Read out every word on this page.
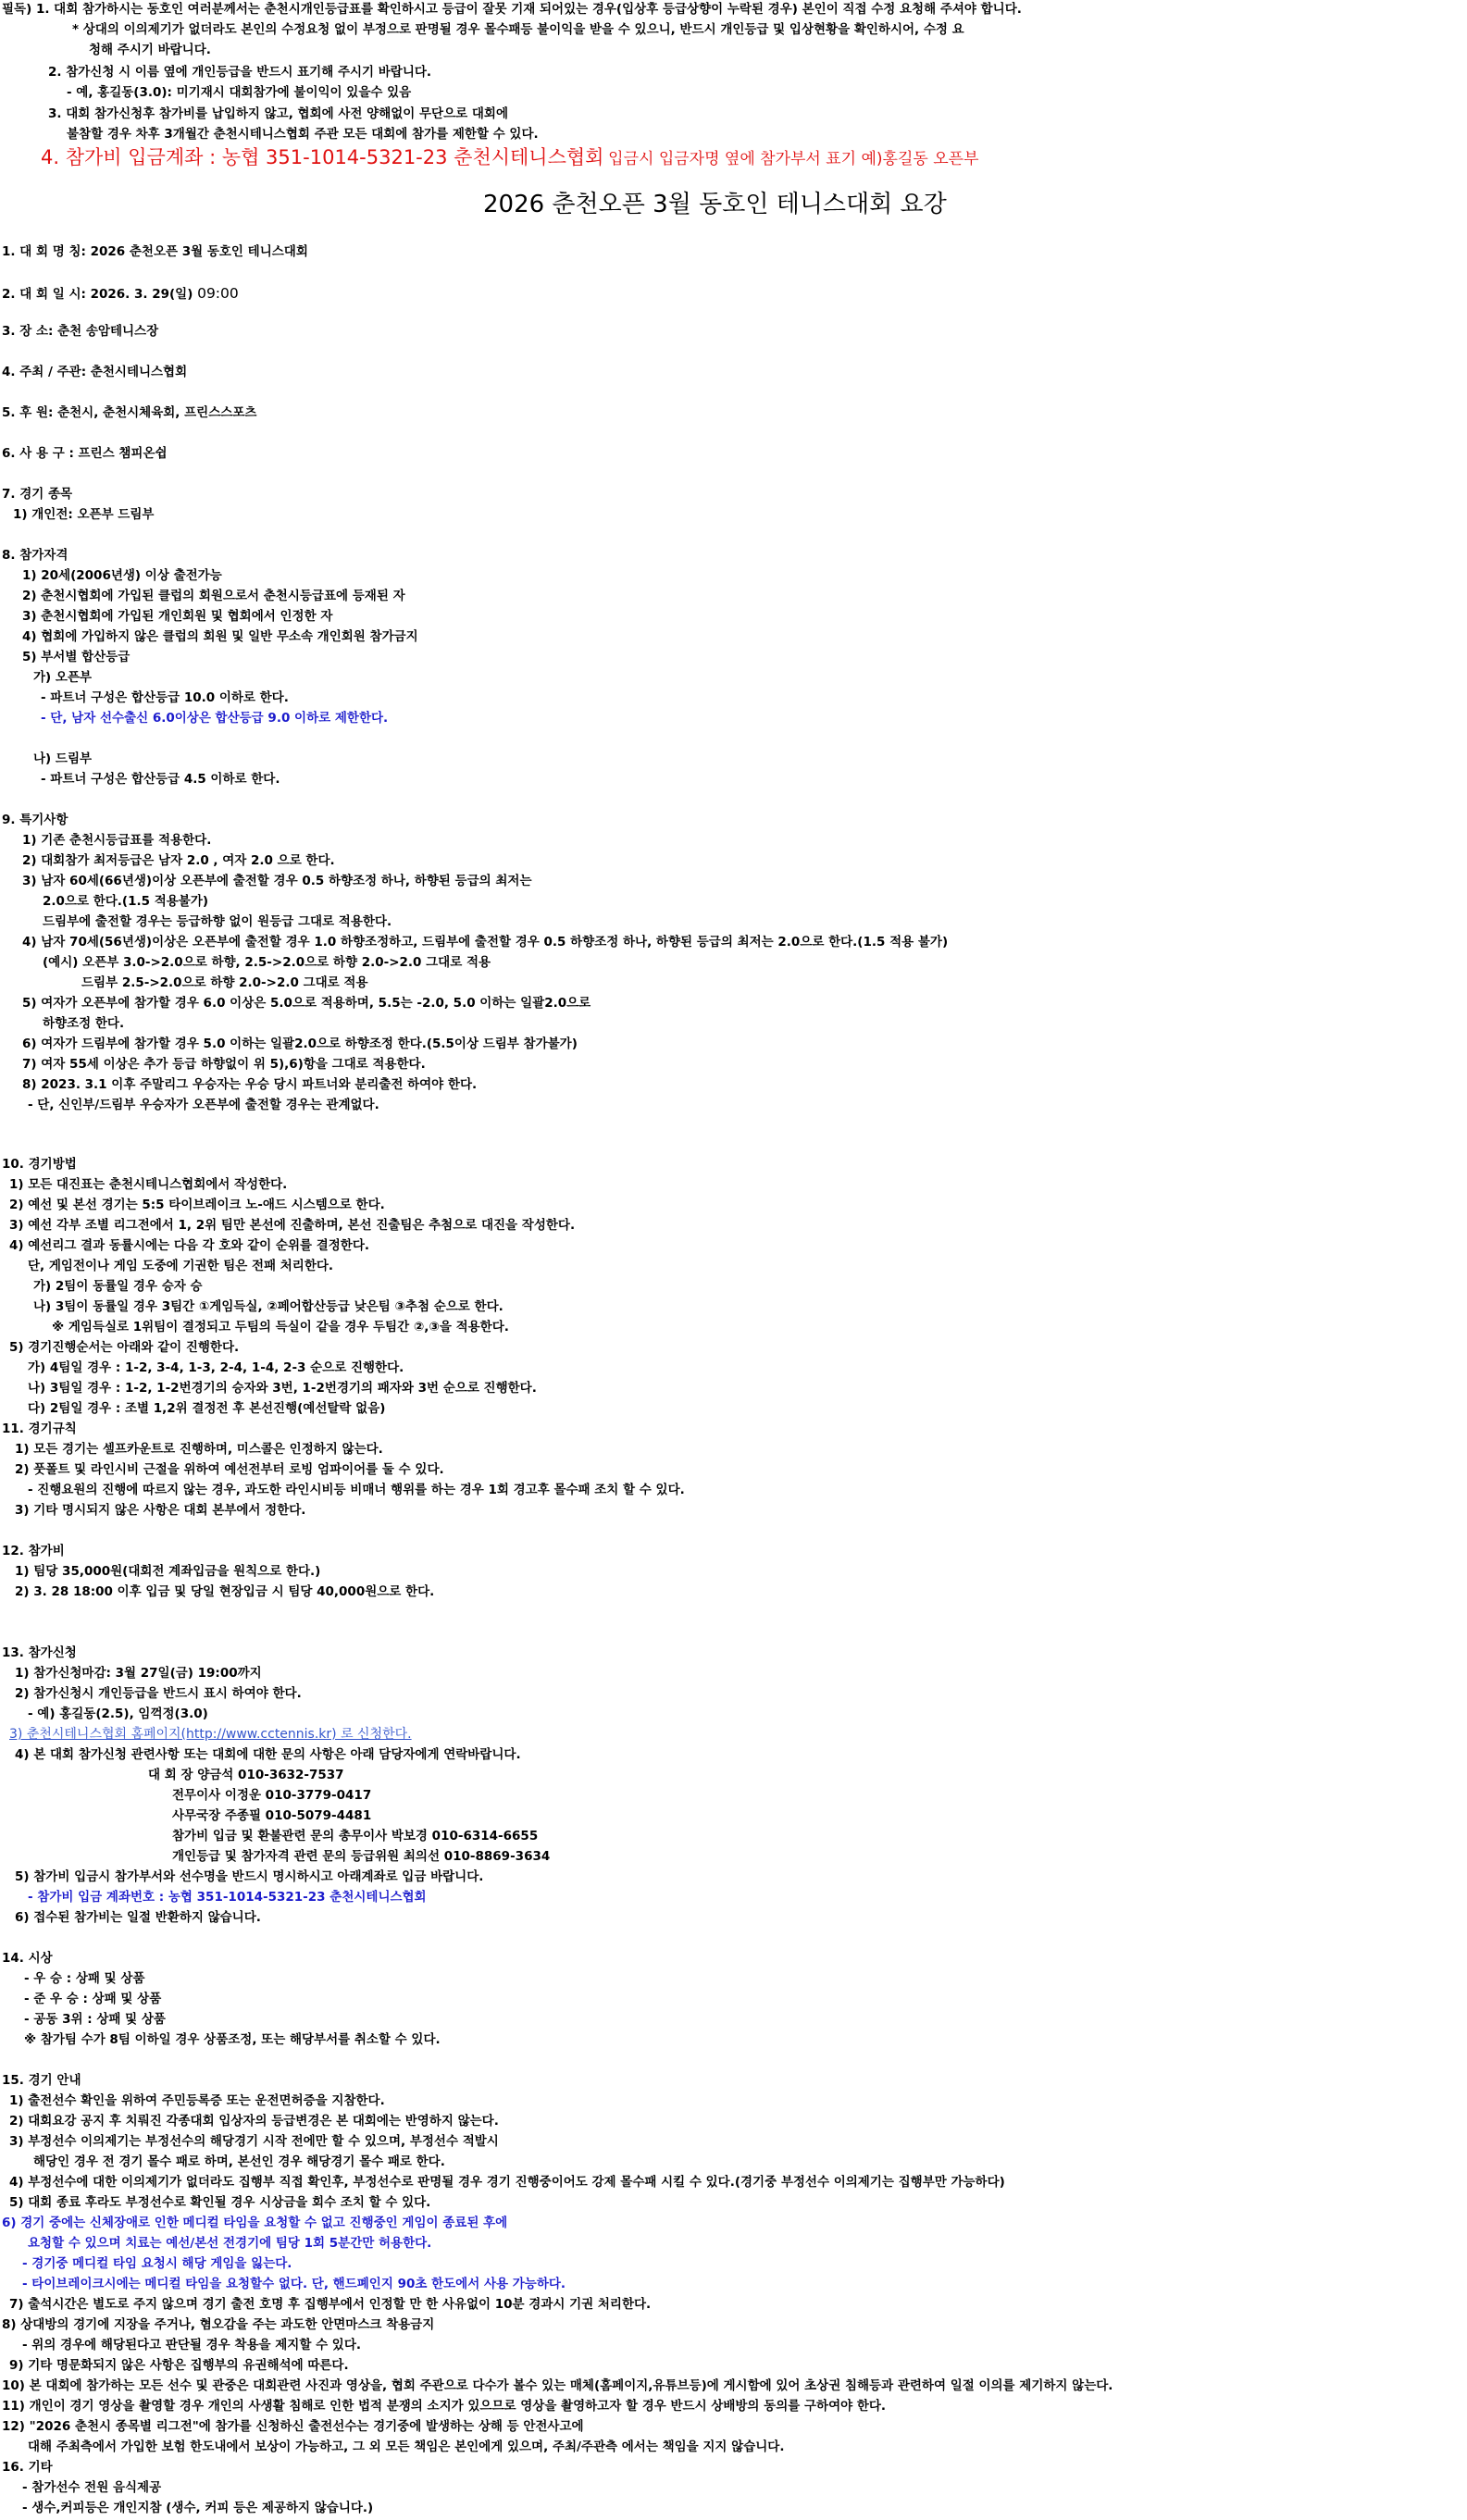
필독) 1. 대회 참가하시는 동호인 여러분께서는 춘천시개인등급표를 확인하시고 등급이 잘못 기재 되어있는 경우(입상후 등급상향이 누락된 경우) 본인이 직접 수정 요청해 주셔야 합니다.
* 상대의 이의제기가 없더라도 본인의 수정요청 없이 부정으로 판명될 경우 몰수패등 불이익을 받을 수 있으니, 반드시 개인등급 및 입상현황을 확인하시어, 수정 요
청해 주시기 바랍니다.
2. 참가신청 시 이름 옆에 개인등급을 반드시 표기해 주시기 바랍니다.
- 예, 홍길동(3.0): 미기재시 대회참가에 불이익이 있을수 있음
3. 대회 참가신청후 참가비를 납입하지 않고, 협회에 사전 양해없이 무단으로 대회에
불참할 경우 차후 3개월간 춘천시테니스협회 주관 모든 대회에 참가를 제한할 수 있다.
4. 참가비 입금계좌 : 농협 351-1014-5321-23 춘천시테니스협회 입금시 입금자명 옆에 참가부서 표기 예)홍길동 오픈부
2026 춘천오픈 3월 동호인 테니스대회 요강
1. 대 회 명 칭: 2026 춘천오픈 3월 동호인 테니스대회
2. 대 회 일 시: 2026. 3. 29(일) 09:00
3. 장 소: 춘천 송암테니스장
4. 주최 / 주관: 춘천시테니스협회
5. 후 원: 춘천시, 춘천시체육회, 프린스스포츠
6. 사 용 구 : 프린스 챔피온쉽
7. 경기 종목
1) 개인전: 오픈부 드림부
8. 참가자격
1) 20세(2006년생) 이상 출전가능
2) 춘천시협회에 가입된 클럽의 회원으로서 춘천시등급표에 등재된 자
3) 춘천시협회에 가입된 개인회원 및 협회에서 인정한 자
4) 협회에 가입하지 않은 클럽의 회원 및 일반 무소속 개인회원 참가금지
5) 부서별 합산등급
가) 오픈부
- 파트너 구성은 합산등급 10.0 이하로 한다.
- 단, 남자 선수출신 6.0이상은 합산등급 9.0 이하로 제한한다.
나) 드림부
- 파트너 구성은 합산등급 4.5 이하로 한다.
9. 특기사항
1) 기존 춘천시등급표를 적용한다.
2) 대회참가 최저등급은 남자 2.0 , 여자 2.0 으로 한다.
3) 남자 60세(66년생)이상 오픈부에 출전할 경우 0.5 하향조정 하나, 하향된 등급의 최저는
2.0으로 한다.(1.5 적용불가)
드림부에 출전할 경우는 등급하향 없이 원등급 그대로 적용한다.
4) 남자 70세(56년생)이상은 오픈부에 출전할 경우 1.0 하향조정하고, 드림부에 출전할 경우 0.5 하향조정 하나, 하향된 등급의 최저는 2.0으로 한다.(1.5 적용 불가)
(예시) 오픈부 3.0->2.0으로 하향, 2.5->2.0으로 하향 2.0->2.0 그대로 적용
드림부 2.5->2.0으로 하향 2.0->2.0 그대로 적용
5) 여자가 오픈부에 참가할 경우 6.0 이상은 5.0으로 적용하며, 5.5는 -2.0, 5.0 이하는 일괄2.0으로
하향조정 한다.
6) 여자가 드림부에 참가할 경우 5.0 이하는 일괄2.0으로 하향조정 한다.(5.5이상 드림부 참가불가)
7) 여자 55세 이상은 추가 등급 하향없이 위 5),6)항을 그대로 적용한다.
8) 2023. 3.1 이후 주말리그 우승자는 우승 당시 파트너와 분리출전 하여야 한다.
- 단, 신인부/드림부 우승자가 오픈부에 출전할 경우는 관계없다.
10. 경기방법
1) 모든 대진표는 춘천시테니스협회에서 작성한다.
2) 예선 및 본선 경기는 5:5 타이브레이크 노-애드 시스템으로 한다.
3) 예선 각부 조별 리그전에서 1, 2위 팀만 본선에 진출하며, 본선 진출팀은 추첨으로 대진을 작성한다.
4) 예선리그 결과 동률시에는 다음 각 호와 같이 순위를 결정한다.
단, 게임전이나 게임 도중에 기권한 팀은 전패 처리한다.
가) 2팀이 동률일 경우 승자 승
나) 3팀이 동률일 경우 3팀간 ①게임득실, ②페어합산등급 낮은팀 ③추첨 순으로 한다.
※ 게임득실로 1위팀이 결정되고 두팀의 득실이 같을 경우 두팀간 ②,③을 적용한다.
5) 경기진행순서는 아래와 같이 진행한다.
가) 4팀일 경우 : 1-2, 3-4, 1-3, 2-4, 1-4, 2-3 순으로 진행한다.
나) 3팀일 경우 : 1-2, 1-2번경기의 승자와 3번, 1-2번경기의 패자와 3번 순으로 진행한다.
다) 2팀일 경우 : 조별 1,2위 결정전 후 본선진행(예선탈락 없음)
11. 경기규칙
1) 모든 경기는 셀프카운트로 진행하며, 미스콜은 인정하지 않는다.
2) 풋폴트 및 라인시비 근절을 위하여 예선전부터 로빙 엄파이어를 둘 수 있다.
- 진행요원의 진행에 따르지 않는 경우, 과도한 라인시비등 비매너 행위를 하는 경우 1회 경고후 몰수패 조치 할 수 있다.
3) 기타 명시되지 않은 사항은 대회 본부에서 정한다.
12. 참가비
1) 팀당 35,000원(대회전 계좌입금을 원칙으로 한다.)
2) 3. 28 18:00 이후 입금 및 당일 현장입금 시 팀당 40,000원으로 한다.
13. 참가신청
1) 참가신청마감: 3월 27일(금) 19:00까지
2) 참가신청시 개인등급을 반드시 표시 하여야 한다.
- 예) 홍길동(2.5), 임꺽정(3.0)
3) 춘천시테니스협회 홈페이지(http://www.cctennis.kr) 로 신청한다.
4) 본 대회 참가신청 관련사항 또는 대회에 대한 문의 사항은 아래 담당자에게 연락바랍니다.
대 회 장 양금석 010-3632-7537
전무이사 이정운 010-3779-0417
사무국장 주종필 010-5079-4481
참가비 입금 및 환불관련 문의 총무이사 박보경 010-6314-6655
개인등급 및 참가자격 관련 문의 등급위원 최의선 010-8869-3634
5) 참가비 입금시 참가부서와 선수명을 반드시 명시하시고 아래계좌로 입금 바랍니다.
- 참가비 입금 계좌번호 : 농협 351-1014-5321-23 춘천시테니스협회
6) 접수된 참가비는 일절 반환하지 않습니다.
14. 시상
- 우 승 : 상패 및 상품
- 준 우 승 : 상패 및 상품
- 공동 3위 : 상패 및 상품
※ 참가팀 수가 8팀 이하일 경우 상품조정, 또는 해당부서를 취소할 수 있다.
15. 경기 안내
1) 출전선수 확인을 위하여 주민등록증 또는 운전면허증을 지참한다.
2) 대회요강 공지 후 치뤄진 각종대회 입상자의 등급변경은 본 대회에는 반영하지 않는다.
3) 부정선수 이의제기는 부정선수의 해당경기 시작 전에만 할 수 있으며, 부정선수 적발시
해당인 경우 전 경기 몰수 패로 하며, 본선인 경우 해당경기 몰수 패로 한다.
4) 부정선수에 대한 이의제기가 없더라도 집행부 직접 확인후, 부정선수로 판명될 경우 경기 진행중이어도 강제 몰수패 시킬 수 있다.(경기중 부정선수 이의제기는 집행부만 가능하다)
5) 대회 종료 후라도 부정선수로 확인될 경우 시상금을 회수 조치 할 수 있다.
6) 경기 중에는 신체장애로 인한 메디컬 타임을 요청할 수 없고 진행중인 게임이 종료된 후에
요청할 수 있으며 치료는 예선/본선 전경기에 팀당 1회 5분간만 허용한다.
- 경기중 메디컬 타임 요청시 해당 게임을 잃는다.
- 타이브레이크시에는 메디컬 타임을 요청할수 없다. 단, 핸드폐인지 90초 한도에서 사용 가능하다.
7) 출석시간은 별도로 주지 않으며 경기 출전 호명 후 집행부에서 인정할 만 한 사유없이 10분 경과시 기권 처리한다.
8) 상대방의 경기에 지장을 주거나, 혐오감을 주는 과도한 안면마스크 착용금지
- 위의 경우에 해당된다고 판단될 경우 착용을 제지할 수 있다.
9) 기타 명문화되지 않은 사항은 집행부의 유권해석에 따른다.
10) 본 대회에 참가하는 모든 선수 및 관중은 대회관련 사진과 영상을, 협회 주관으로 다수가 볼수 있는 매체(홈페이지,유튜브등)에 게시함에 있어 초상권 침해등과 관련하여 일절 이의를 제기하지 않는다.
11) 개인이 경기 영상을 촬영할 경우 개인의 사생활 침해로 인한 법적 분쟁의 소지가 있으므로 영상을 촬영하고자 할 경우 반드시 상배방의 동의를 구하여야 한다.
12) "2026 춘천시 종목별 리그전"에 참가를 신청하신 출전선수는 경기중에 발생하는 상해 등 안전사고에
대해 주최측에서 가입한 보험 한도내에서 보상이 가능하고, 그 외 모든 책임은 본인에게 있으며, 주최/주관측 에서는 책임을 지지 않습니다.
16. 기타
- 참가선수 전원 음식제공
- 생수,커피등은 개인지참 (생수, 커피 등은 제공하지 않습니다.)
